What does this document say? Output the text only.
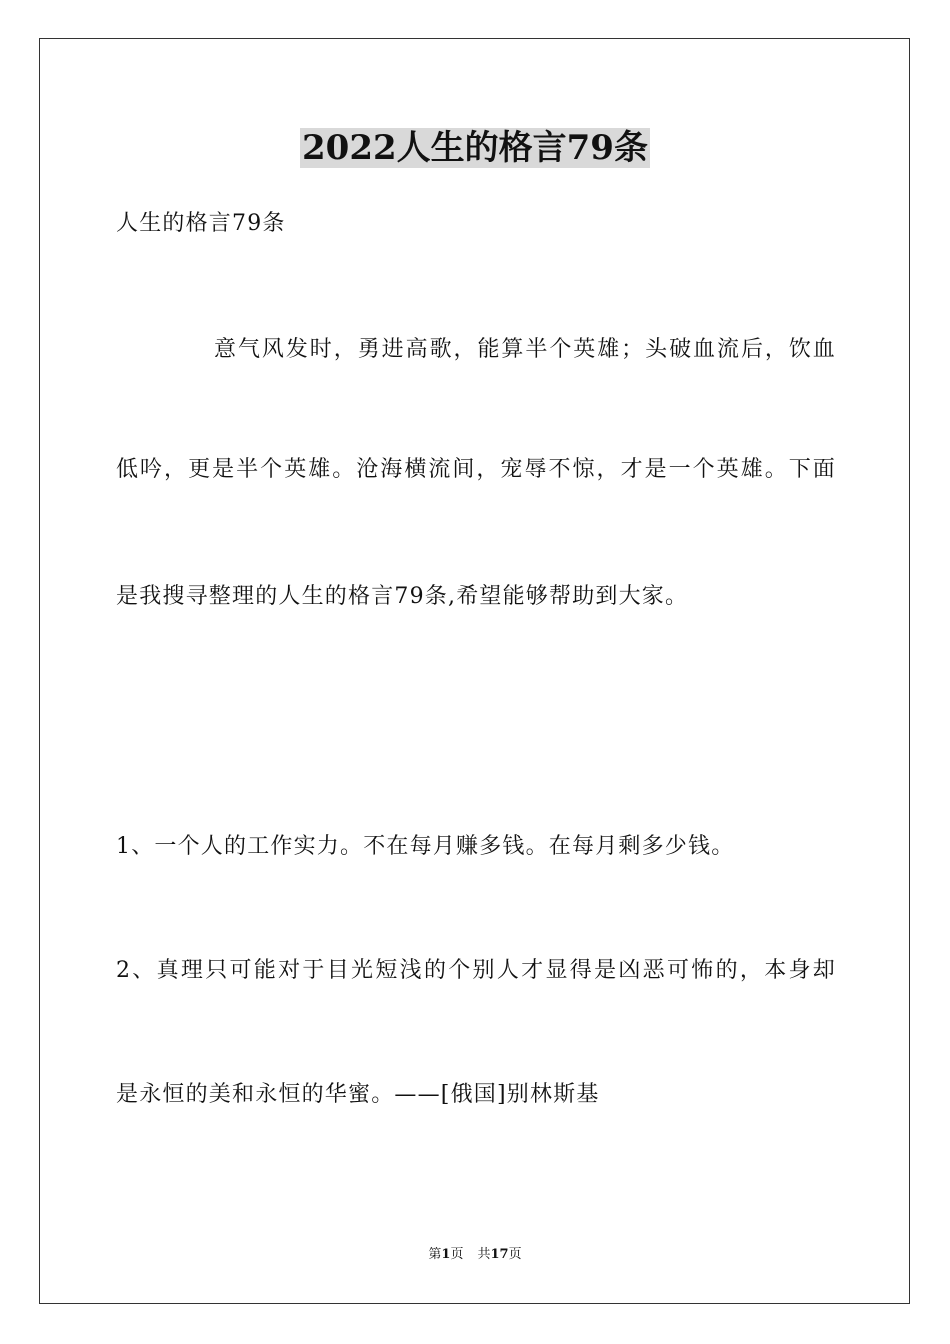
2022人生的格言79条
人生的格言79条
意气风发时，勇进高歌，能算半个英雄；头破血流后，饮血
低吟，更是半个英雄。沧海横流间，宠辱不惊，才是一个英雄。下面
是我搜寻整理的人生的格言79条,希望能够帮助到大家。
1、一个人的工作实力。不在每月赚多钱。在每月剩多少钱。
2、真理只可能对于目光短浅的个别人才显得是凶恶可怖的，本身却
是永恒的美和永恒的华蜜。——[俄国]别林斯基
第1页 共17页
